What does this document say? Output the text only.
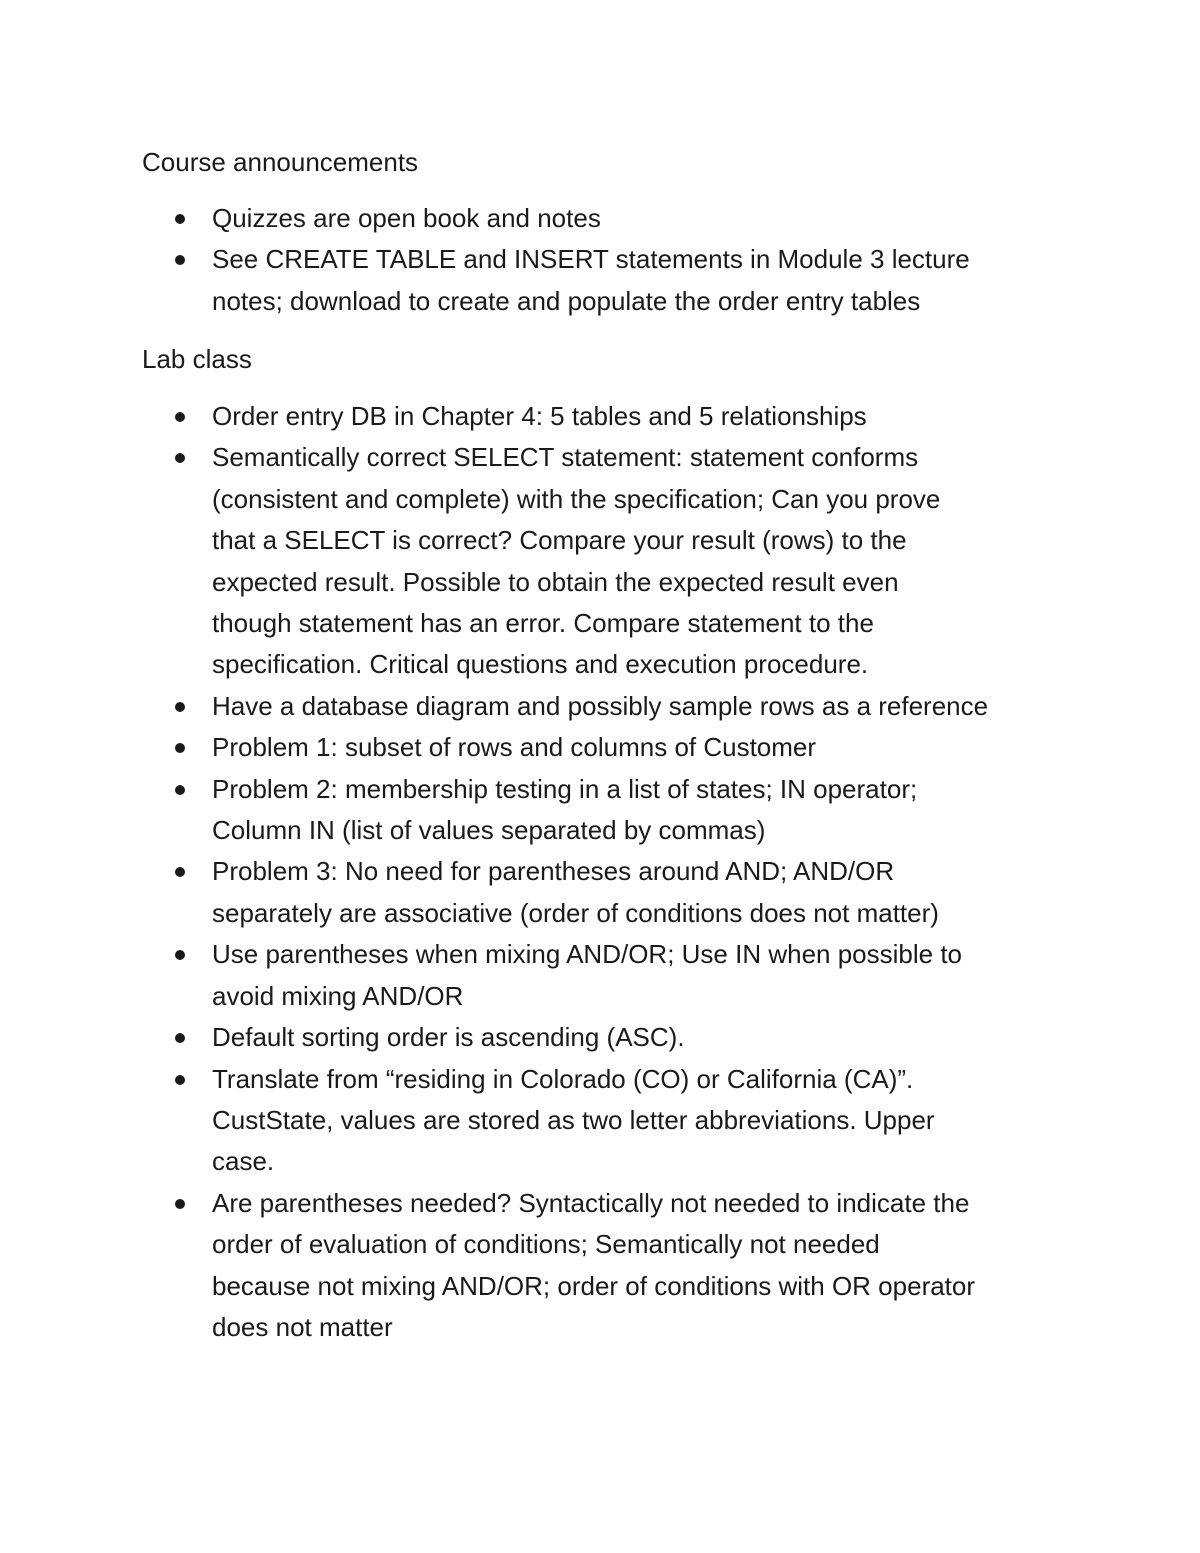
Course announcements
Quizzes are open book and notes
See CREATE TABLE and INSERT statements in Module 3 lecture
notes; download to create and populate the order entry tables
Lab class
Order entry DB in Chapter 4: 5 tables and 5 relationships
Semantically correct SELECT statement: statement conforms
(consistent and complete) with the specification; Can you prove
that a SELECT is correct? Compare your result (rows) to the
expected result. Possible to obtain the expected result even
though statement has an error. Compare statement to the
specification. Critical questions and execution procedure.
Have a database diagram and possibly sample rows as a reference
Problem 1: subset of rows and columns of Customer
Problem 2: membership testing in a list of states; IN operator;
Column IN (list of values separated by commas)
Problem 3: No need for parentheses around AND; AND/OR
separately are associative (order of conditions does not matter)
Use parentheses when mixing AND/OR; Use IN when possible to
avoid mixing AND/OR
Default sorting order is ascending (ASC).
Translate from “residing in Colorado (CO) or California (CA)”.
CustState, values are stored as two letter abbreviations. Upper
case.
Are parentheses needed? Syntactically not needed to indicate the
order of evaluation of conditions; Semantically not needed
because not mixing AND/OR; order of conditions with OR operator
does not matter
